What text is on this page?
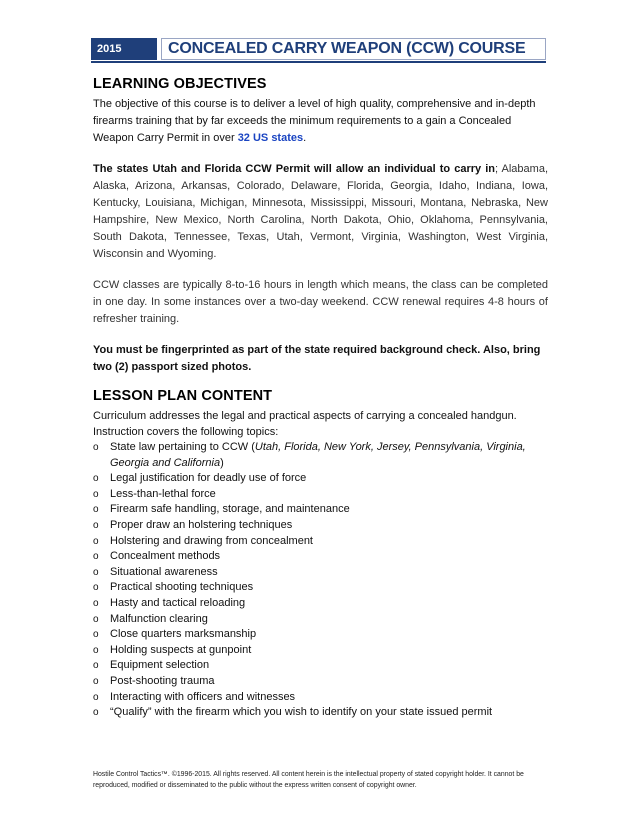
2015	CONCEALED CARRY WEAPON (CCW) COURSE
LEARNING OBJECTIVES

The objective of this course is to deliver a level of high quality, comprehensive and in-depth firearms training that by far exceeds the minimum requirements to a gain a Concealed Weapon Carry Permit in over 32 US states.

The states Utah and Florida CCW Permit will allow an individual to carry in; Alabama, Alaska, Arizona, Arkansas, Colorado, Delaware, Florida, Georgia, Idaho, Indiana, Iowa, Kentucky, Louisiana, Michigan, Minnesota, Mississippi, Missouri, Montana, Nebraska, New Hampshire, New Mexico, North Carolina, North Dakota, Ohio, Oklahoma, Pennsylvania, South Dakota, Tennessee, Texas, Utah, Vermont, Virginia, Washington, West Virginia, Wisconsin and Wyoming.

CCW classes are typically 8-to-16 hours in length which means, the class can be completed in one day. In some instances over a two-day weekend. CCW renewal requires 4-8 hours of refresher training.

You must be fingerprinted as part of the state required background check. Also, bring two (2) passport sized photos.

LESSON PLAN CONTENT

Curriculum addresses the legal and practical aspects of carrying a concealed handgun.

Instruction covers the following topics:

o State law pertaining to CCW (Utah, Florida, New York, Jersey, Pennsylvania, Virginia, Georgia and California)
o Legal justification for deadly use of force
o Less-than-lethal force
o Firearm safe handling, storage, and maintenance
o Proper draw an holstering techniques
o Holstering and drawing from concealment
o Concealment methods
o Situational awareness
o Practical shooting techniques
o Hasty and tactical reloading
o Malfunction clearing
o Close quarters marksmanship
o Holding suspects at gunpoint
o Equipment selection
o Post-shooting trauma
o Interacting with officers and witnesses
o “Qualify” with the firearm which you wish to identify on your state issued permit
Hostile Control Tactics™. ©1996-2015. All rights reserved. All content herein is the intellectual property of stated copyright holder. It cannot be reproduced, modified or disseminated to the public without the express written consent of copyright owner.
